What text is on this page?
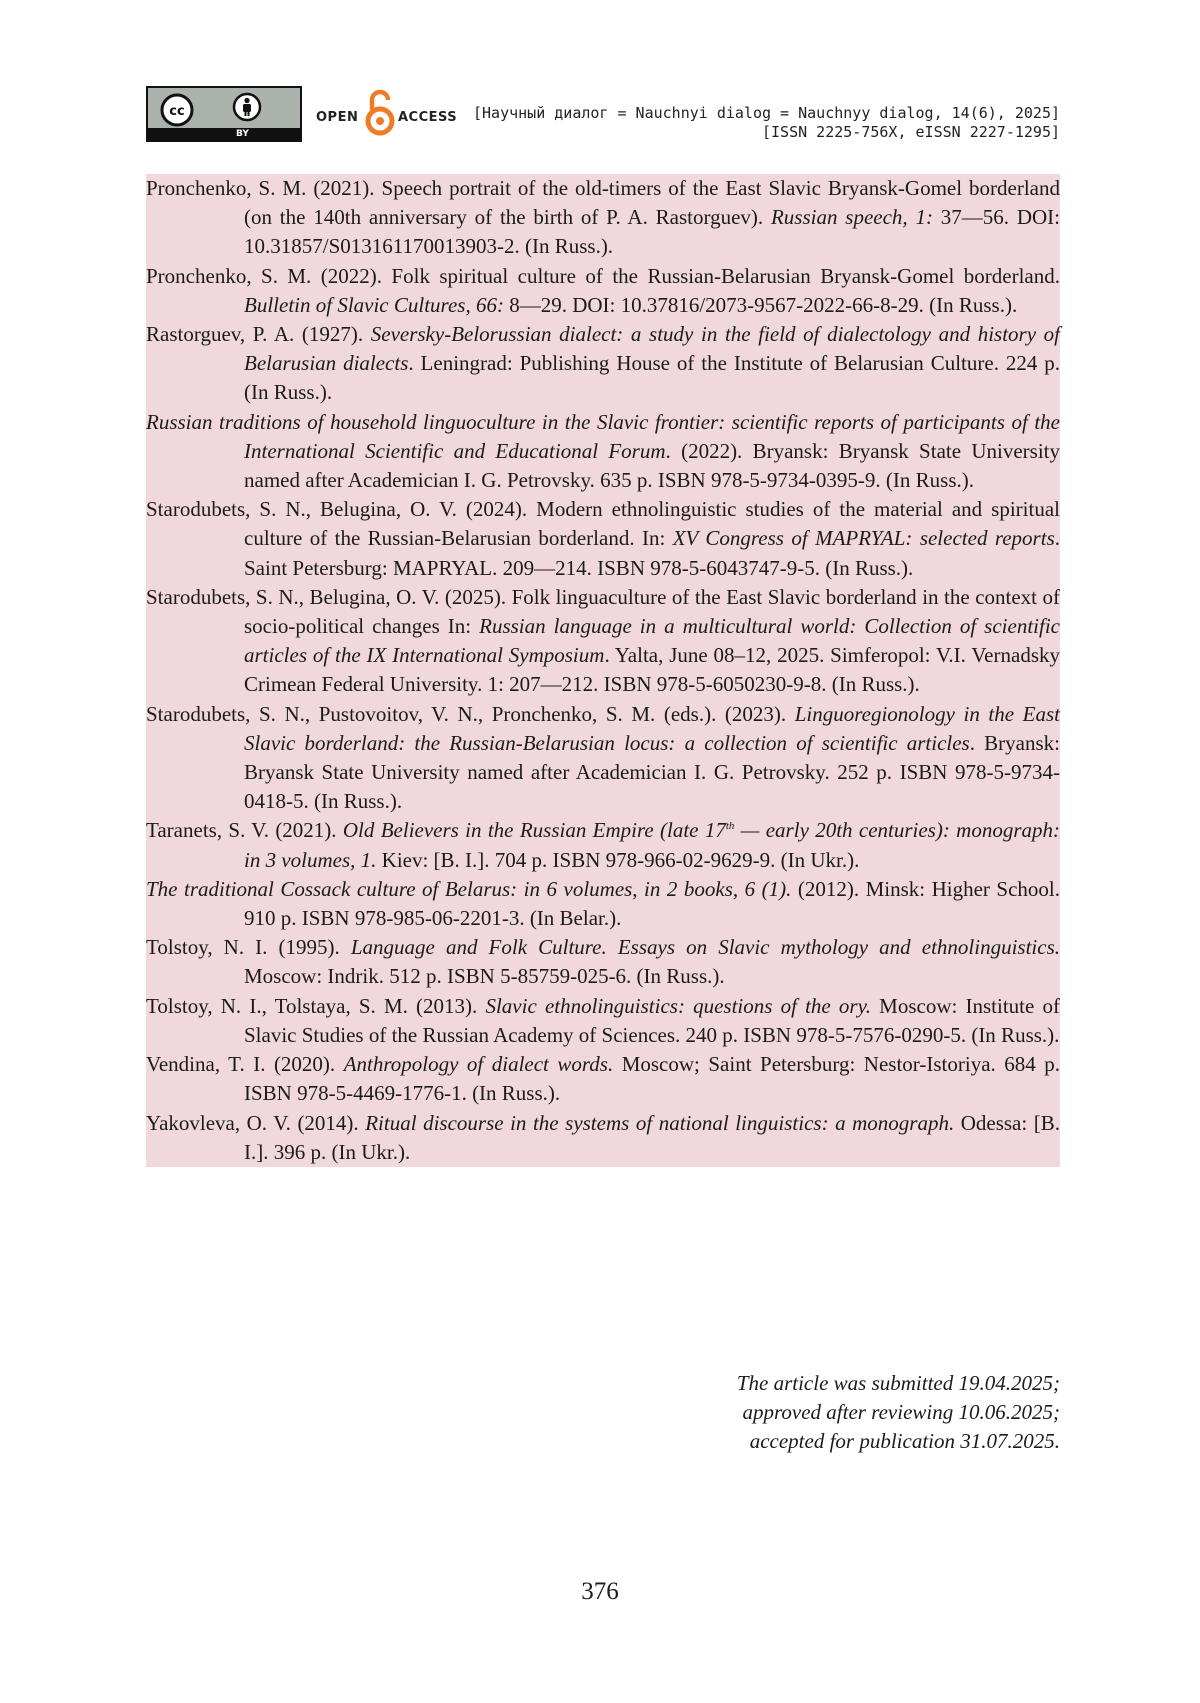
cc
BY
OPEN	ACCESS [Научный диалог = Nauchnyi dialog = Nauchnyy dialog, 14(6), 2025]
[ISSN 2225-756X, eISSN 2227-1295]
Pronchenko, S. M. (2021). Speech portrait of the old-timers of the East Slavic Bryansk-Gomel borderland (on the 140th anniversary of the birth of P. A. Rastorguev). Russian speech, 1: 37—56. DOI: 10.31857/S013161170013903-2. (In Russ.).
Pronchenko, S. M. (2022). Folk spiritual culture of the Russian-Belarusian Bryansk-Gomel borderland. Bulletin of Slavic Cultures, 66: 8—29. DOI: 10.37816/2073-9567-2022-66-8-29. (In Russ.).
Rastorguev, P. A. (1927). Seversky-Belorussian dialect: a study in the field of dialectology and history of Belarusian dialects. Leningrad: Publishing House of the Institute of Belarusian Culture. 224 p. (In Russ.).
Russian traditions of household linguoculture in the Slavic frontier: scientific reports of participants of the International Scientific and Educational Forum. (2022). Bryansk: Bryansk State University named after Academician I. G. Petrovsky. 635 p. ISBN 978-5-9734-0395-9. (In Russ.).
Starodubets, S. N., Belugina, O. V. (2024). Modern ethnolinguistic studies of the material and spiritual culture of the Russian-Belarusian borderland. In: XV Congress of MAPRYAL: selected reports. Saint Petersburg: MAPRYAL. 209—214. ISBN 978-5-6043747-9-5. (In Russ.).
Starodubets, S. N., Belugina, O. V. (2025). Folk linguaculture of the East Slavic borderland in the context of socio-political changes In: Russian language in a multicultural world: Collection of scientific articles of the IX International Symposium. Yalta, June 08–12, 2025. Simferopol: V.I. Vernadsky Crimean Federal University. 1: 207—212. ISBN 978-5-6050230-9-8. (In Russ.).
Starodubets, S. N., Pustovoitov, V. N., Pronchenko, S. M. (eds.). (2023). Linguoregionology in the East Slavic borderland: the Russian-Belarusian locus: a collection of scientific articles. Bryansk: Bryansk State University named after Academician I. G. Petrovsky. 252 p. ISBN 978-5-9734-0418-5. (In Russ.).
Taranets, S. V. (2021). Old Believers in the Russian Empire (late 17th — early 20th centuries): monograph: in 3 volumes, 1. Kiev: [B. I.]. 704 p. ISBN 978-966-02-9629-9. (In Ukr.).
The traditional Cossack culture of Belarus: in 6 volumes, in 2 books, 6 (1). (2012). Minsk: Higher School. 910 p. ISBN 978-985-06-2201-3. (In Belar.).
Tolstoy, N. I. (1995). Language and Folk Culture. Essays on Slavic mythology and ethnolinguistics. Moscow: Indrik. 512 p. ISBN 5-85759-025-6. (In Russ.).
Tolstoy, N. I., Tolstaya, S. M. (2013). Slavic ethnolinguistics: questions of the ory. Moscow: Institute of Slavic Studies of the Russian Academy of Sciences. 240 p. ISBN 978-5-7576-0290-5. (In Russ.).
Vendina, T. I. (2020). Anthropology of dialect words. Moscow; Saint Petersburg: Nestor-Istoriya. 684 p. ISBN 978-5-4469-1776-1. (In Russ.).
Yakovleva, O. V. (2014). Ritual discourse in the systems of national linguistics: a monograph. Odessa: [B. I.]. 396 p. (In Ukr.).
The article was submitted 19.04.2025;
approved after reviewing 10.06.2025;
accepted for publication 31.07.2025.
376
